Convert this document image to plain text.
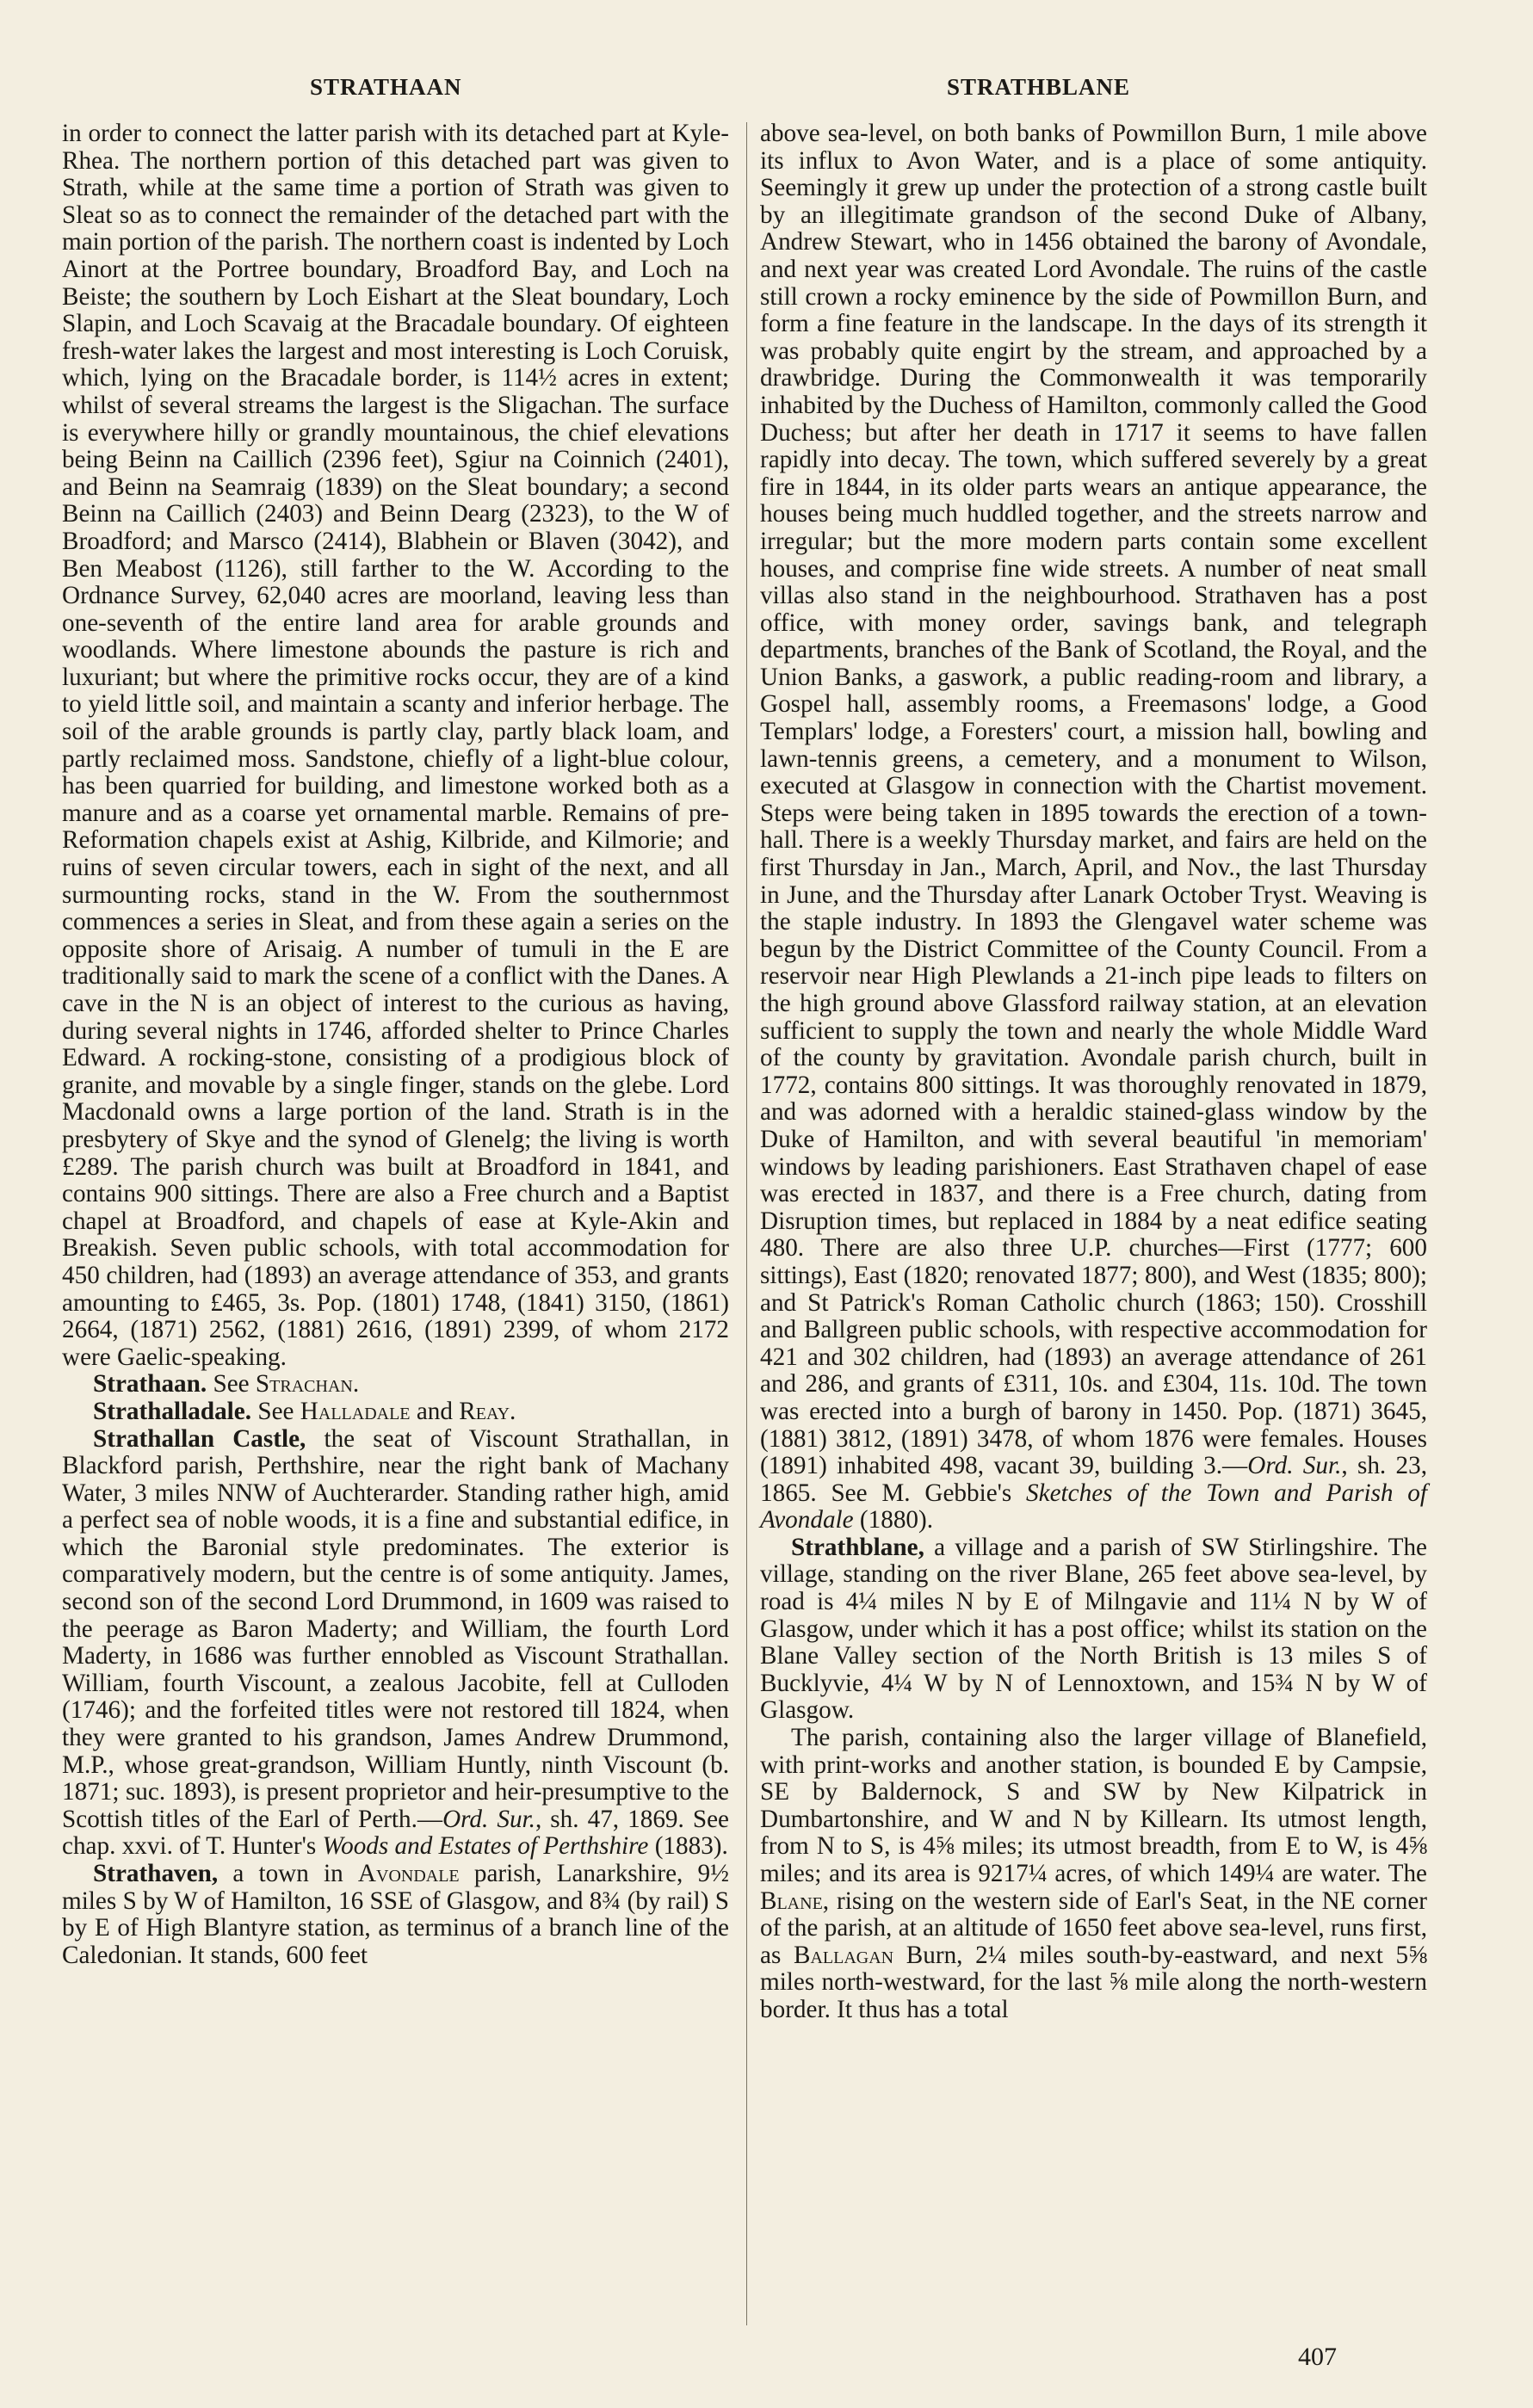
STRATHAAN	STRATHBLANE

in order to connect the latter parish with its detached part at Kyle-Rhea. The northern portion of this detached part was given to Strath, while at the same time a portion of Strath was given to Sleat so as to connect the remainder of the detached part with the main portion of the parish. The northern coast is indented by Loch Ainort at the Portree boundary, Broadford Bay, and Loch na Beiste; the southern by Loch Eishart at the Sleat boundary, Loch Slapin, and Loch Scavaig at the Bracadale boundary. Of eighteen fresh-water lakes the largest and most interesting is Loch Coruisk, which, lying on the Bracadale border, is 114½ acres in extent; whilst of several streams the largest is the Sligachan. The surface is everywhere hilly or grandly mountainous, the chief elevations being Beinn na Caillich (2396 feet), Sgiur na Coinnich (2401), and Beinn na Seamraig (1839) on the Sleat boundary; a second Beinn na Caillich (2403) and Beinn Dearg (2323), to the W of Broadford; and Marsco (2414), Blabhein or Blaven (3042), and Ben Meabost (1126), still farther to the W. According to the Ordnance Survey, 62,040 acres are moorland, leaving less than one-seventh of the entire land area for arable grounds and woodlands. Where limestone abounds the pasture is rich and luxuriant; but where the primitive rocks occur, they are of a kind to yield little soil, and maintain a scanty and inferior herbage. The soil of the arable grounds is partly clay, partly black loam, and partly reclaimed moss. Sandstone, chiefly of a light-blue colour, has been quarried for building, and limestone worked both as a manure and as a coarse yet ornamental marble. Remains of pre-Reformation chapels exist at Ashig, Kilbride, and Kilmorie; and ruins of seven circular towers, each in sight of the next, and all surmounting rocks, stand in the W. From the southernmost commences a series in Sleat, and from these again a series on the opposite shore of Arisaig. A number of tumuli in the E are traditionally said to mark the scene of a conflict with the Danes. A cave in the N is an object of interest to the curious as having, during several nights in 1746, afforded shelter to Prince Charles Edward. A rocking-stone, consisting of a prodigious block of granite, and movable by a single finger, stands on the glebe. Lord Macdonald owns a large portion of the land. Strath is in the presbytery of Skye and the synod of Glenelg; the living is worth £289. The parish church was built at Broadford in 1841, and contains 900 sittings. There are also a Free church and a Baptist chapel at Broadford, and chapels of ease at Kyle-Akin and Breakish. Seven public schools, with total accommodation for 450 children, had (1893) an average attendance of 353, and grants amounting to £465, 3s. Pop. (1801) 1748, (1841) 3150, (1861) 2664, (1871) 2562, (1881) 2616, (1891) 2399, of whom 2172 were Gaelic-speaking.

Strathaan. See Strachan.

Strathalladale. See Halladale and Reay.

Strathallan Castle, the seat of Viscount Strathallan, in Blackford parish, Perthshire, near the right bank of Machany Water, 3 miles NNW of Auchterarder. Standing rather high, amid a perfect sea of noble woods, it is a fine and substantial edifice, in which the Baronial style predominates. The exterior is comparatively modern, but the centre is of some antiquity. James, second son of the second Lord Drummond, in 1609 was raised to the peerage as Baron Maderty; and William, the fourth Lord Maderty, in 1686 was further ennobled as Viscount Strathallan. William, fourth Viscount, a zealous Jacobite, fell at Culloden (1746); and the forfeited titles were not restored till 1824, when they were granted to his grandson, James Andrew Drummond, M.P., whose great-grandson, William Huntly, ninth Viscount (b. 1871; suc. 1893), is present proprietor and heir-presumptive to the Scottish titles of the Earl of Perth.—Ord. Sur., sh. 47, 1869. See chap. xxvi. of T. Hunter's Woods and Estates of Perthshire (1883).

Strathaven, a town in Avondale parish, Lanarkshire, 9½ miles S by W of Hamilton, 16 SSE of Glasgow, and 8¾ (by rail) S by E of High Blantyre station, as terminus of a branch line of the Caledonian. It stands, 600 feet

above sea-level, on both banks of Powmillon Burn, 1 mile above its influx to Avon Water, and is a place of some antiquity. Seemingly it grew up under the protection of a strong castle built by an illegitimate grandson of the second Duke of Albany, Andrew Stewart, who in 1456 obtained the barony of Avondale, and next year was created Lord Avondale. The ruins of the castle still crown a rocky eminence by the side of Powmillon Burn, and form a fine feature in the landscape. In the days of its strength it was probably quite engirt by the stream, and approached by a drawbridge. During the Commonwealth it was temporarily inhabited by the Duchess of Hamilton, commonly called the Good Duchess; but after her death in 1717 it seems to have fallen rapidly into decay. The town, which suffered severely by a great fire in 1844, in its older parts wears an antique appearance, the houses being much huddled together, and the streets narrow and irregular; but the more modern parts contain some excellent houses, and comprise fine wide streets. A number of neat small villas also stand in the neighbourhood. Strathaven has a post office, with money order, savings bank, and telegraph departments, branches of the Bank of Scotland, the Royal, and the Union Banks, a gaswork, a public reading-room and library, a Gospel hall, assembly rooms, a Freemasons' lodge, a Good Templars' lodge, a Foresters' court, a mission hall, bowling and lawn-tennis greens, a cemetery, and a monument to Wilson, executed at Glasgow in connection with the Chartist movement. Steps were being taken in 1895 towards the erection of a town-hall. There is a weekly Thursday market, and fairs are held on the first Thursday in Jan., March, April, and Nov., the last Thursday in June, and the Thursday after Lanark October Tryst. Weaving is the staple industry. In 1893 the Glengavel water scheme was begun by the District Committee of the County Council. From a reservoir near High Plewlands a 21-inch pipe leads to filters on the high ground above Glassford railway station, at an elevation sufficient to supply the town and nearly the whole Middle Ward of the county by gravitation. Avondale parish church, built in 1772, contains 800 sittings. It was thoroughly renovated in 1879, and was adorned with a heraldic stained-glass window by the Duke of Hamilton, and with several beautiful 'in memoriam' windows by leading parishioners. East Strathaven chapel of ease was erected in 1837, and there is a Free church, dating from Disruption times, but replaced in 1884 by a neat edifice seating 480. There are also three U.P. churches—First (1777; 600 sittings), East (1820; renovated 1877; 800), and West (1835; 800); and St Patrick's Roman Catholic church (1863; 150). Crosshill and Ballgreen public schools, with respective accommodation for 421 and 302 children, had (1893) an average attendance of 261 and 286, and grants of £311, 10s. and £304, 11s. 10d. The town was erected into a burgh of barony in 1450. Pop. (1871) 3645, (1881) 3812, (1891) 3478, of whom 1876 were females. Houses (1891) inhabited 498, vacant 39, building 3.—Ord. Sur., sh. 23, 1865. See M. Gebbie's Sketches of the Town and Parish of Avondale (1880).

Strathblane, a village and a parish of SW Stirlingshire. The village, standing on the river Blane, 265 feet above sea-level, by road is 4¼ miles N by E of Milngavie and 11¼ N by W of Glasgow, under which it has a post office; whilst its station on the Blane Valley section of the North British is 13 miles S of Bucklyvie, 4¼ W by N of Lennoxtown, and 15¾ N by W of Glasgow.

The parish, containing also the larger village of Blanefield, with print-works and another station, is bounded E by Campsie, SE by Baldernock, S and SW by New Kilpatrick in Dumbartonshire, and W and N by Killearn. Its utmost length, from N to S, is 4⅝ miles; its utmost breadth, from E to W, is 4⅝ miles; and its area is 9217¼ acres, of which 149¼ are water. The Blane, rising on the western side of Earl's Seat, in the NE corner of the parish, at an altitude of 1650 feet above sea-level, runs first, as Ballagan Burn, 2¼ miles south-by-eastward, and next 5⅝ miles north-westward, for the last ⅝ mile along the north-western border. It thus has a total

407
